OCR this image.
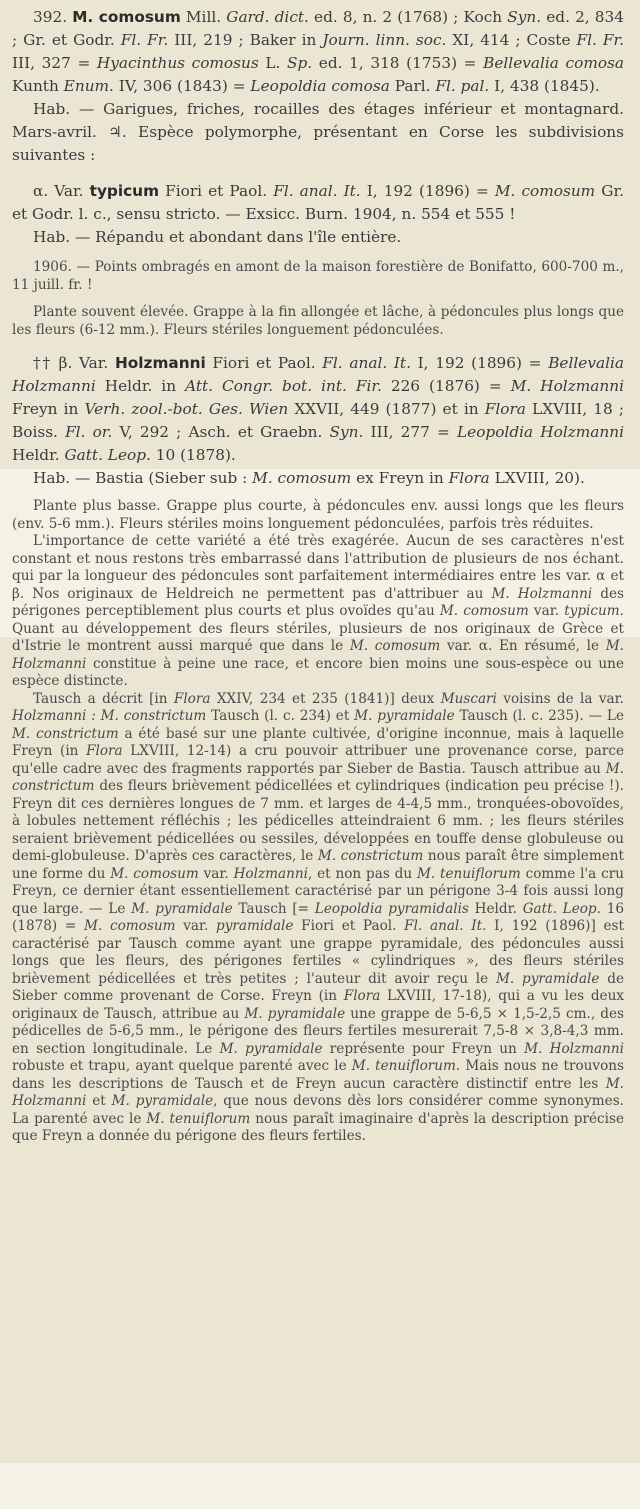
392. M. comosum Mill. Gard. dict. ed. 8, n. 2 (1768) ; Koch Syn. ed. 2, 834 ; Gr. et Godr. Fl. Fr. III, 219 ; Baker in Journ. linn. soc. XI, 414 ; Coste Fl. Fr. III, 327 = Hyacinthus comosus L. Sp. ed. 1, 318 (1753) = Bellevalia comosa Kunth Enum. IV, 306 (1843) = Leopoldia comosa Parl. Fl. pal. I, 438 (1845).

Hab. — Garigues, friches, rocailles des étages inférieur et montagnard. Mars-avril. ♃. Espèce polymorphe, présentant en Corse les subdivisions suivantes :

α. Var. typicum Fiori et Paol. Fl. anal. It. I, 192 (1896) = M. comosum Gr. et Godr. l. c., sensu stricto. — Exsicc. Burn. 1904, n. 554 et 555 !

Hab. — Répandu et abondant dans l'île entière.

1906. — Points ombragés en amont de la maison forestière de Bonifatto, 600-700 m., 11 juill. fr. !

Plante souvent élevée. Grappe à la fin allongée et lâche, à pédoncules plus longs que les fleurs (6-12 mm.). Fleurs stériles longuement pédonculées.

†† β. Var. Holzmanni Fiori et Paol. Fl. anal. It. I, 192 (1896) = Bellevalia Holzmanni Heldr. in Att. Congr. bot. int. Fir. 226 (1876) = M. Holzmanni Freyn in Verh. zool.-bot. Ges. Wien XXVII, 449 (1877) et in Flora LXVIII, 18 ; Boiss. Fl. or. V, 292 ; Asch. et Graebn. Syn. III, 277 = Leopoldia Holzmanni Heldr. Gatt. Leop. 10 (1878).

Hab. — Bastia (Sieber sub : M. comosum ex Freyn in Flora LXVIII, 20).

Plante plus basse. Grappe plus courte, à pédoncules env. aussi longs que les fleurs (env. 5-6 mm.). Fleurs stériles moins longuement pédonculées, parfois très réduites.

L'importance de cette variété a été très exagérée. Aucun de ses caractères n'est constant et nous restons très embarrassé dans l'attribution de plusieurs de nos échant. qui par la longueur des pédoncules sont parfaitement intermédiaires entre les var. α et β. Nos originaux de Heldreich ne permettent pas d'attribuer au M. Holzmanni des périgones perceptiblement plus courts et plus ovoïdes qu'au M. comosum var. typicum. Quant au développement des fleurs stériles, plusieurs de nos originaux de Grèce et d'Istrie le montrent aussi marqué que dans le M. comosum var. α. En résumé, le M. Holzmanni constitue à peine une race, et encore bien moins une sous-espèce ou une espèce distincte.

Tausch a décrit [in Flora XXIV, 234 et 235 (1841)] deux Muscari voisins de la var. Holzmanni : M. constrictum Tausch (l. c. 234) et M. pyramidale Tausch (l. c. 235). — Le M. constrictum a été basé sur une plante cultivée, d'origine inconnue, mais à laquelle Freyn (in Flora LXVIII, 12-14) a cru pouvoir attribuer une provenance corse, parce qu'elle cadre avec des fragments rapportés par Sieber de Bastia. Tausch attribue au M. constrictum des fleurs brièvement pédicellées et cylindriques (indication peu précise !). Freyn dit ces dernières longues de 7 mm. et larges de 4-4,5 mm., tronquées-obovoïdes, à lobules nettement réfléchis ; les pédicelles atteindraient 6 mm. ; les fleurs stériles seraient brièvement pédicellées ou sessiles, développées en touffe dense globuleuse ou demi-globuleuse. D'après ces caractères, le M. constrictum nous paraît être simplement une forme du M. comosum var. Holzmanni, et non pas du M. tenuiflorum comme l'a cru Freyn, ce dernier étant essentiellement caractérisé par un périgone 3-4 fois aussi long que large. — Le M. pyramidale Tausch [= Leopoldia pyramidalis Heldr. Gatt. Leop. 16 (1878) = M. comosum var. pyramidale Fiori et Paol. Fl. anal. It. I, 192 (1896)] est caractérisé par Tausch comme ayant une grappe pyramidale, des pédoncules aussi longs que les fleurs, des périgones fertiles « cylindriques », des fleurs stériles brièvement pédicellées et très petites ; l'auteur dit avoir reçu le M. pyramidale de Sieber comme provenant de Corse. Freyn (in Flora LXVIII, 17-18), qui a vu les deux originaux de Tausch, attribue au M. pyramidale une grappe de 5-6,5 × 1,5-2,5 cm., des pédicelles de 5-6,5 mm., le périgone des fleurs fertiles mesurerait 7,5-8 × 3,8-4,3 mm. en section longitudinale. Le M. pyramidale représente pour Freyn un M. Holzmanni robuste et trapu, ayant quelque parenté avec le M. tenuiflorum. Mais nous ne trouvons dans les descriptions de Tausch et de Freyn aucun caractère distinctif entre les M. Holzmanni et M. pyramidale, que nous devons dès lors considérer comme synonymes. La parenté avec le M. tenuiflorum nous paraît imaginaire d'après la description précise que Freyn a donnée du périgone des fleurs fertiles.
